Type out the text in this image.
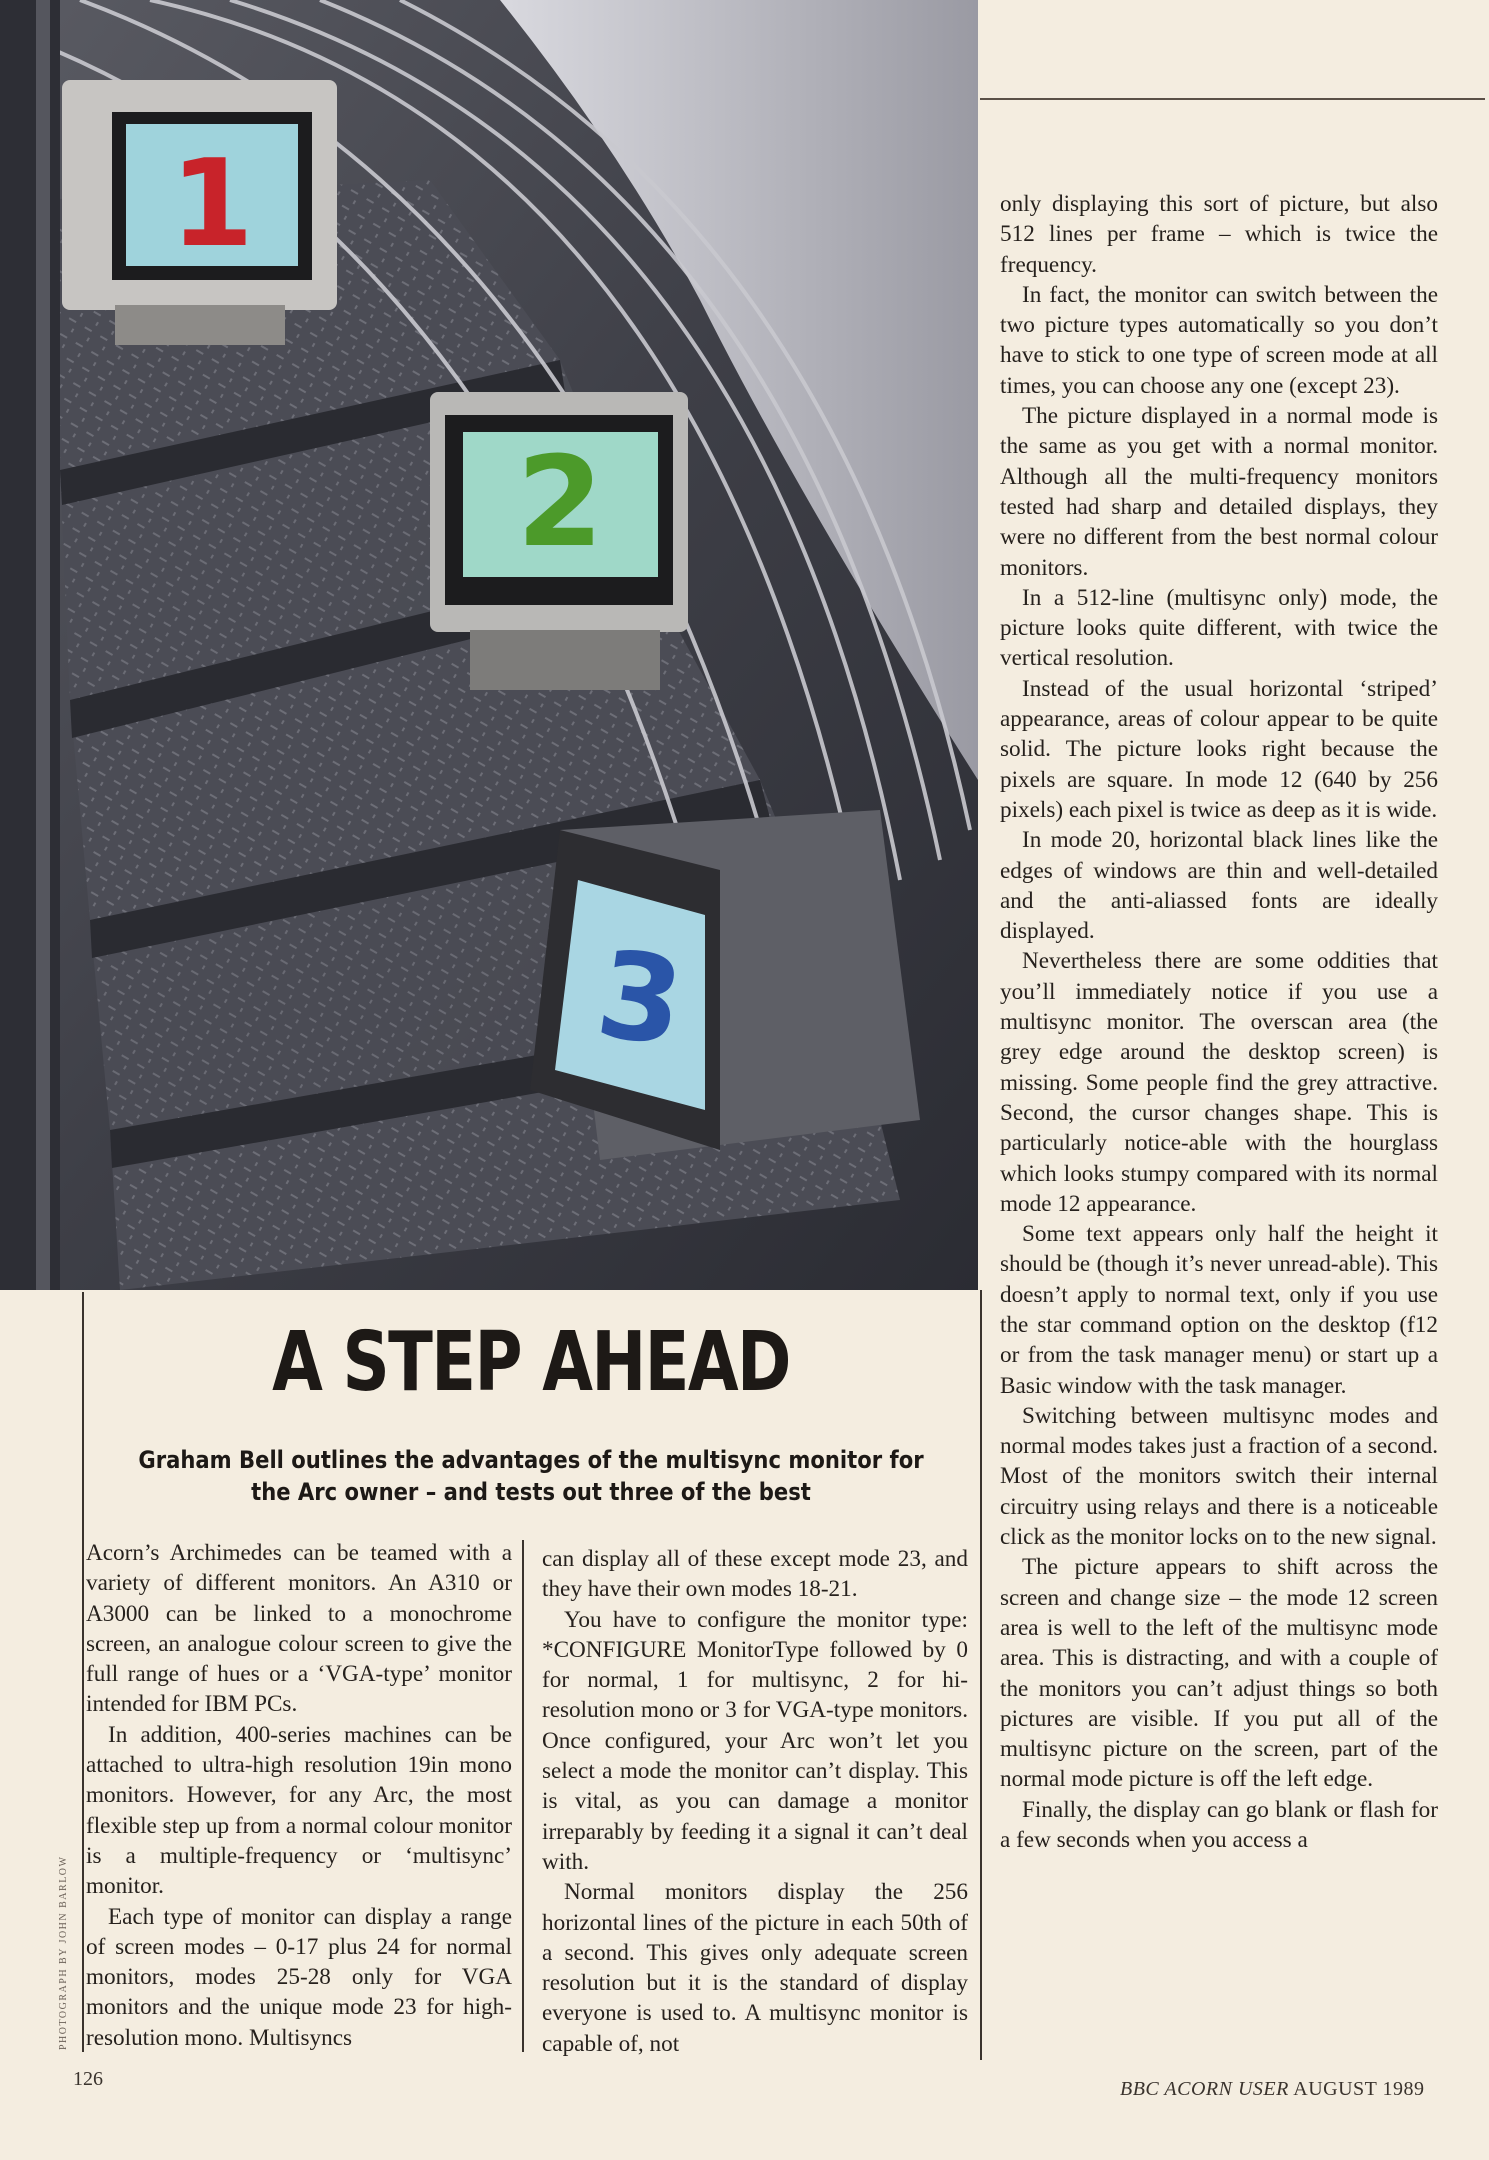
1
2
3
A STEP AHEAD
Graham Bell outlines the advantages of the multisync monitor for the Arc owner – and tests out three of the best

Acorn’s Archimedes can be teamed with a variety of different monitors. An A310 or A3000 can be linked to a monochrome screen, an analogue colour screen to give the full range of hues or a ‘VGA-type’ monitor intended for IBM PCs.

In addition, 400-series machines can be attached to ultra-high resolution 19in mono monitors. However, for any Arc, the most flexible step up from a normal colour monitor is a multiple-frequency or ‘multisync’ monitor.

Each type of monitor can display a range of screen modes – 0-17 plus 24 for normal monitors, modes 25-28 only for VGA monitors and the unique mode 23 for high-resolution mono. Multisyncs

can display all of these except mode 23, and they have their own modes 18-21.

You have to configure the monitor type: *CONFIGURE MonitorType followed by 0 for normal, 1 for multisync, 2 for hi-resolution mono or 3 for VGA-type monitors. Once configured, your Arc won’t let you select a mode the monitor can’t display. This is vital, as you can damage a monitor irreparably by feeding it a signal it can’t deal with.

Normal monitors display the 256 horizontal lines of the picture in each 50th of a second. This gives only adequate screen resolution but it is the standard of display everyone is used to. A multisync monitor is capable of, not

only displaying this sort of picture, but also 512 lines per frame – which is twice the frequency.

In fact, the monitor can switch between the two picture types automatically so you don’t have to stick to one type of screen mode at all times, you can choose any one (except 23).

The picture displayed in a normal mode is the same as you get with a normal monitor. Although all the multi-frequency monitors tested had sharp and detailed displays, they were no different from the best normal colour monitors.

In a 512-line (multisync only) mode, the picture looks quite different, with twice the vertical resolution.

Instead of the usual horizontal ‘striped’ appearance, areas of colour appear to be quite solid. The picture looks right because the pixels are square. In mode 12 (640 by 256 pixels) each pixel is twice as deep as it is wide.

In mode 20, horizontal black lines like the edges of windows are thin and well-detailed and the anti-aliassed fonts are ideally displayed.

Nevertheless there are some oddities that you’ll immediately notice if you use a multisync monitor. The overscan area (the grey edge around the desktop screen) is missing. Some people find the grey attractive. Second, the cursor changes shape. This is particularly notice-able with the hourglass which looks stumpy compared with its normal mode 12 appearance.

Some text appears only half the height it should be (though it’s never unread-able). This doesn’t apply to normal text, only if you use the star command option on the desktop (f12 or from the task manager menu) or start up a Basic window with the task manager.

Switching between multisync modes and normal modes takes just a fraction of a second. Most of the monitors switch their internal circuitry using relays and there is a noticeable click as the monitor locks on to the new signal.

The picture appears to shift across the screen and change size – the mode 12 screen area is well to the left of the multisync mode area. This is distracting, and with a couple of the monitors you can’t adjust things so both pictures are visible. If you put all of the multisync picture on the screen, part of the normal mode picture is off the left edge.

Finally, the display can go blank or flash for a few seconds when you access a

PHOTOGRAPH BY JOHN BARLOW
126	BBC ACORN USER AUGUST 1989
